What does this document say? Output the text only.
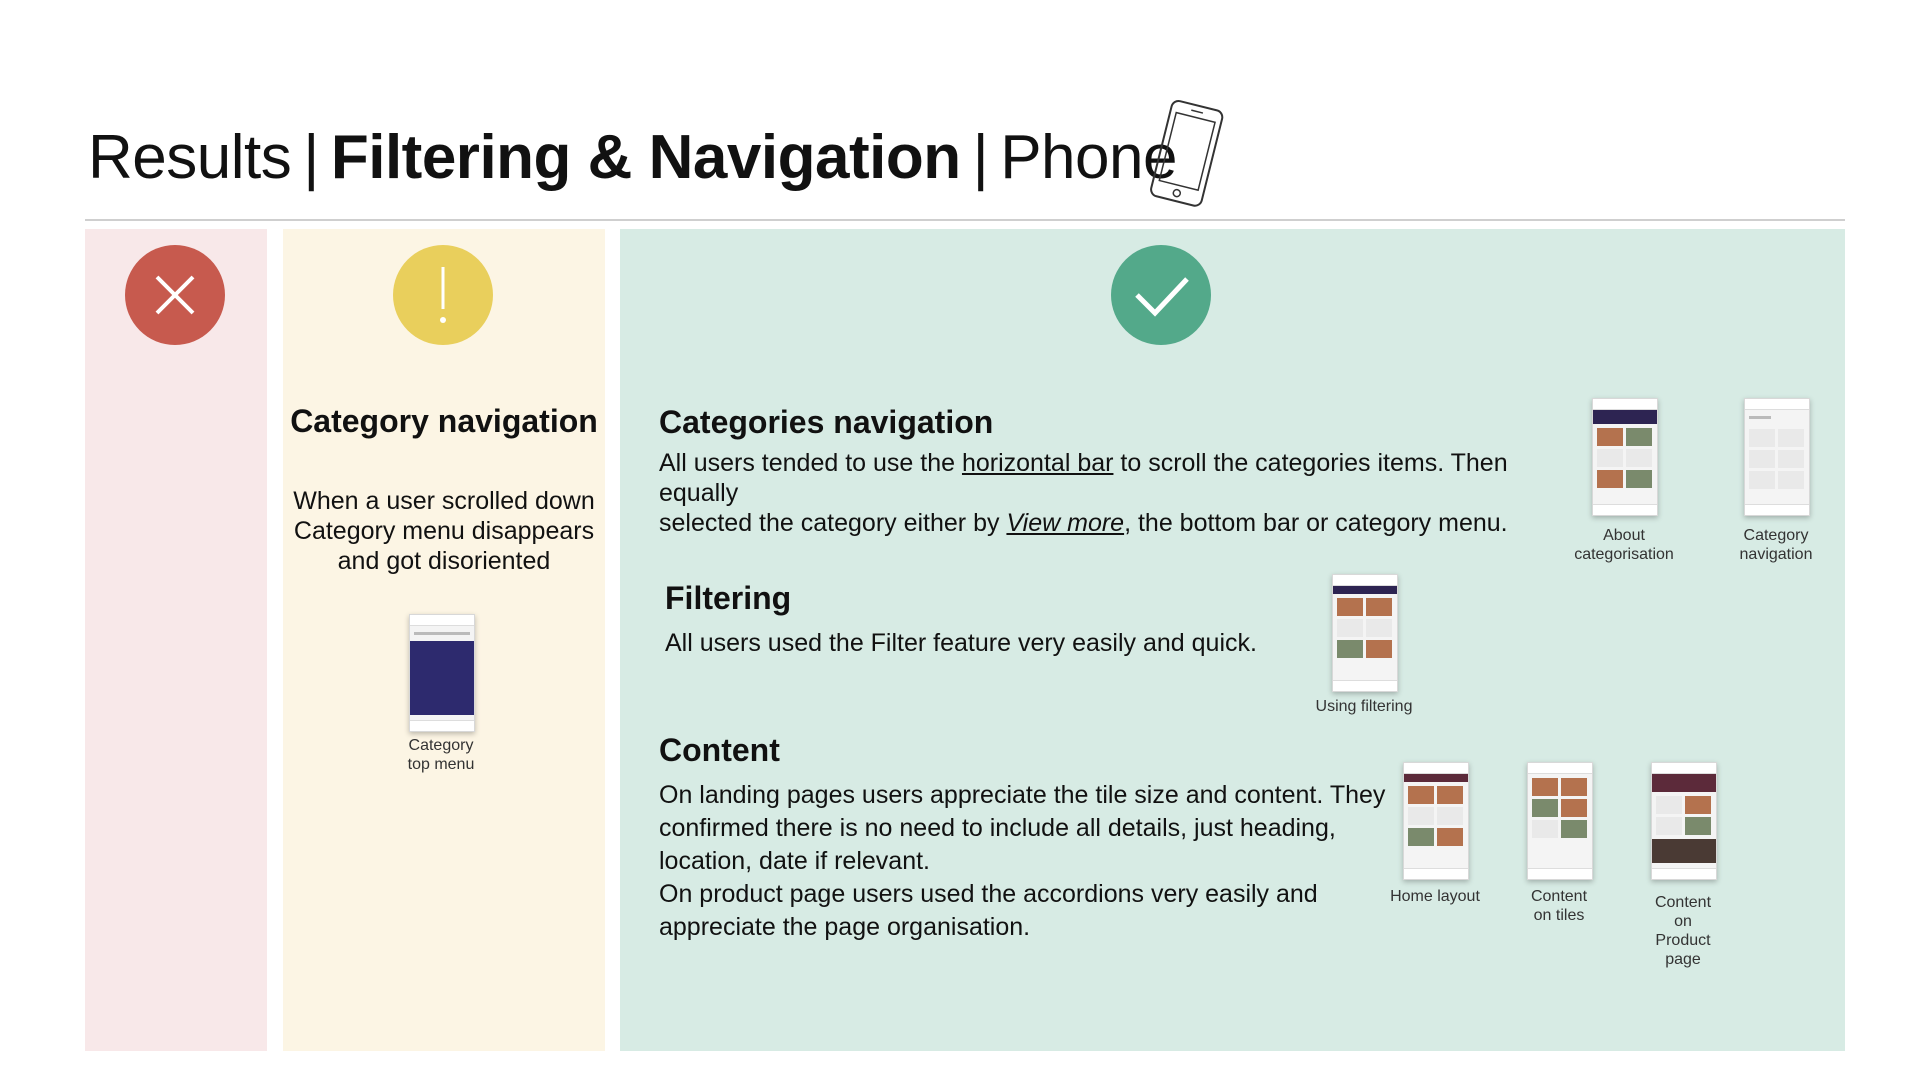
Results | Filtering & Navigation | Phone
Category navigation
When a user scrolled down Category menu disappears and got disoriented
Category
top menu
Categories navigation
All users tended to use the horizontal bar to scroll the categories items. Then equally
selected the category either by View more, the bottom bar or category menu.	About
categorisation
Category
navigation
Filtering
All users used the Filter feature very easily and quick.
Using filtering
Content
On landing pages users appreciate the tile size and content. They
confirmed there is no need to include all details, just heading,
location, date if relevant.
On product page users used the accordions very easily and
appreciate the page organisation.
Home layout	Content
on tiles
Content
on
Product
page
